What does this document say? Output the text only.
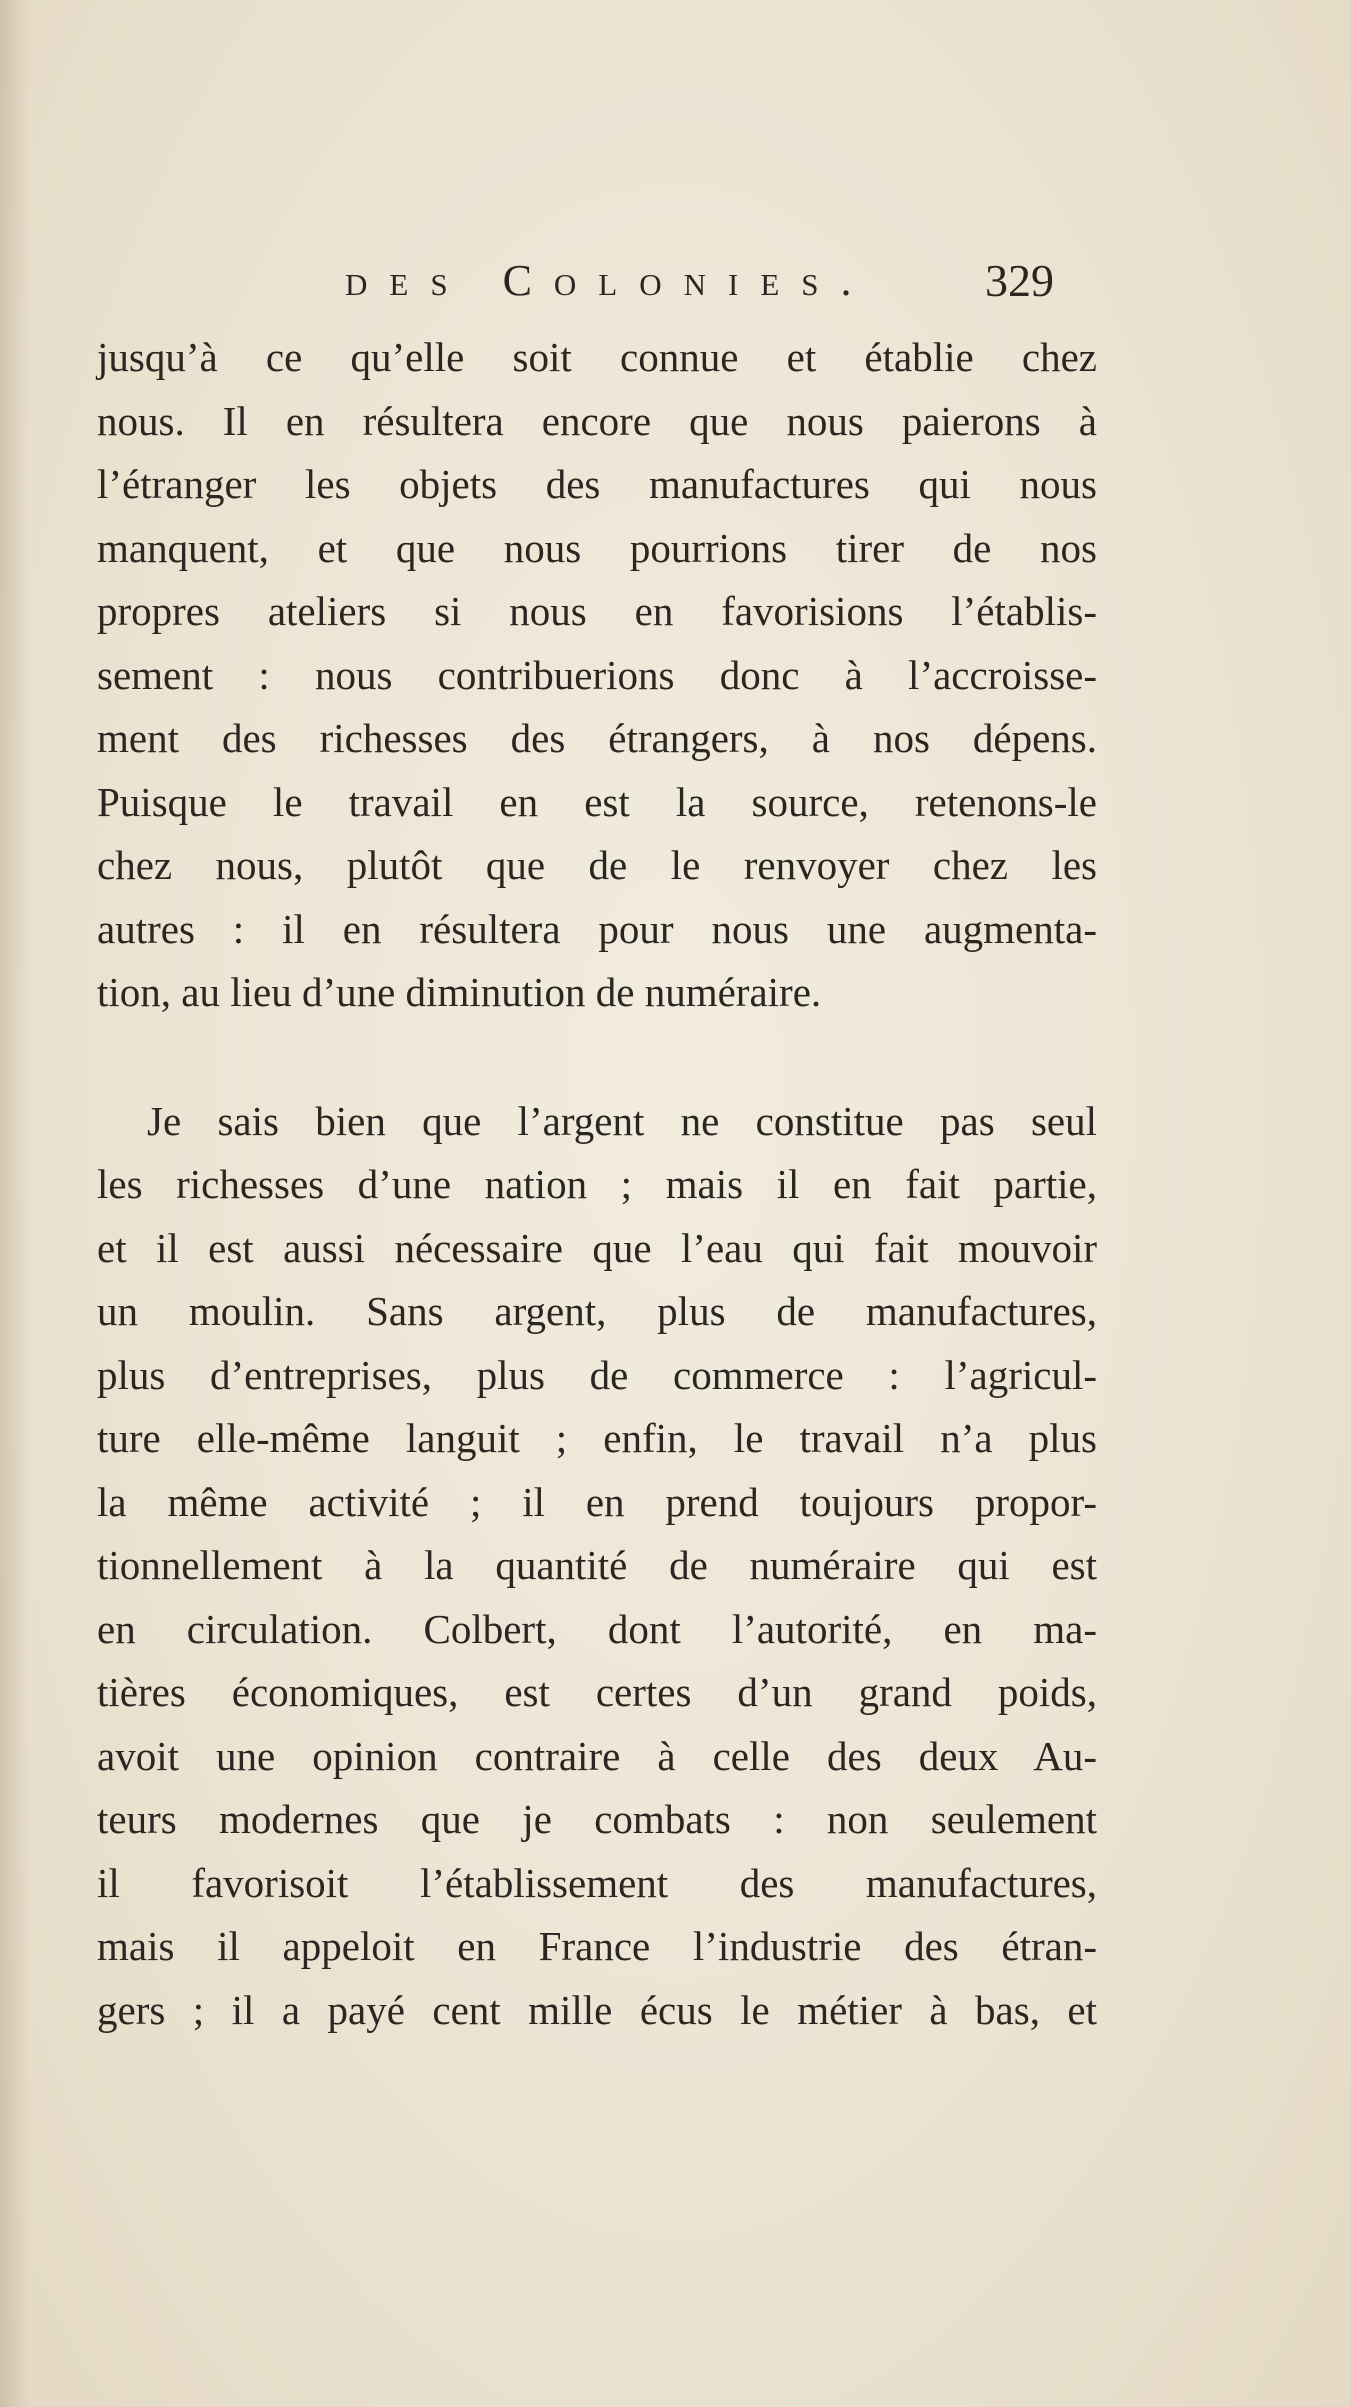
des Colonies. 329
jusqu’à ce qu’elle soit connue et établie chez
nous. Il en résultera encore que nous paierons à
l’étranger les objets des manufactures qui nous
manquent, et que nous pourrions tirer de nos
propres ateliers si nous en favorisions l’établis-
sement : nous contribuerions donc à l’accroisse-
ment des richesses des étrangers, à nos dépens.
Puisque le travail en est la source, retenons-le
chez nous, plutôt que de le renvoyer chez les
autres : il en résultera pour nous une augmenta-
tion, au lieu d’une diminution de numéraire.
Je sais bien que l’argent ne constitue pas seul
les richesses d’une nation ; mais il en fait partie,
et il est aussi nécessaire que l’eau qui fait mouvoir
un moulin. Sans argent, plus de manufactures,
plus d’entreprises, plus de commerce : l’agricul-
ture elle-même languit ; enfin, le travail n’a plus
la même activité ; il en prend toujours propor-
tionnellement à la quantité de numéraire qui est
en circulation. Colbert, dont l’autorité, en ma-
tières économiques, est certes d’un grand poids,
avoit une opinion contraire à celle des deux Au-
teurs modernes que je combats : non seulement
il favorisoit l’établissement des manufactures,
mais il appeloit en France l’industrie des étran-
gers ; il a payé cent mille écus le métier à bas, et
